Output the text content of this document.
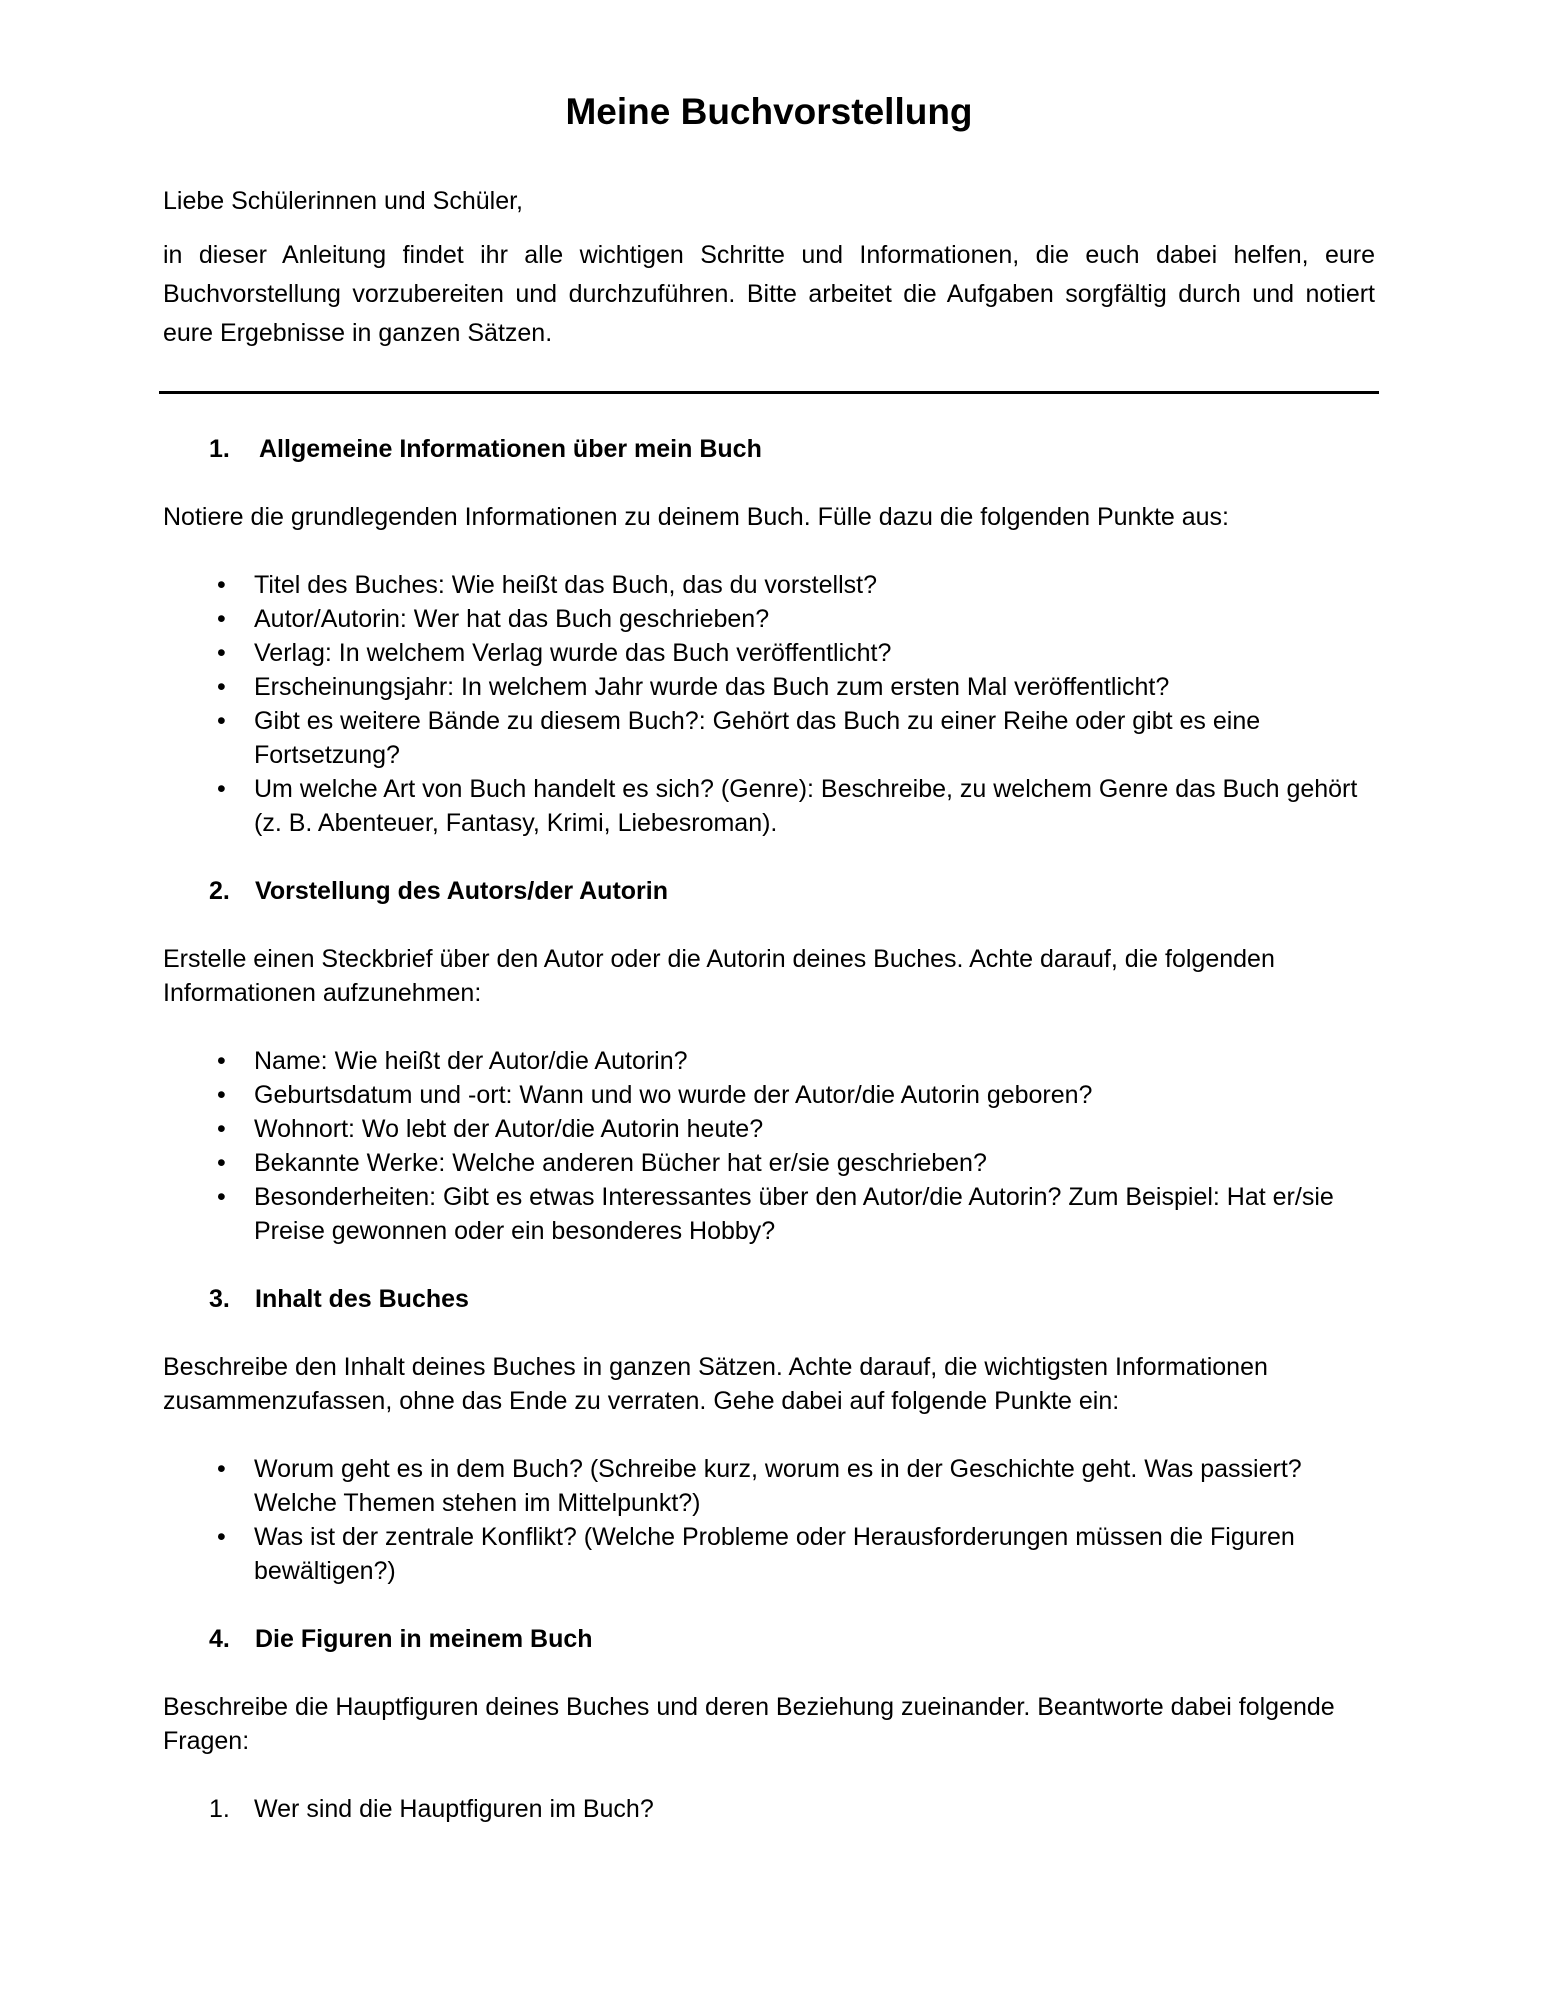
Meine Buchvorstellung

Liebe Schülerinnen und Schüler,

in dieser Anleitung findet ihr alle wichtigen Schritte und Informationen, die euch dabei helfen, eure Buchvorstellung vorzubereiten und durchzuführen. Bitte arbeitet die Aufgaben sorgfältig durch und notiert eure Ergebnisse in ganzen Sätzen.

1.	Allgemeine Informationen über mein Buch

Notiere die grundlegenden Informationen zu deinem Buch. Fülle dazu die folgenden Punkte aus:

• Titel des Buches: Wie heißt das Buch, das du vorstellst?
• Autor/Autorin: Wer hat das Buch geschrieben?
• Verlag: In welchem Verlag wurde das Buch veröffentlicht?
• Erscheinungsjahr: In welchem Jahr wurde das Buch zum ersten Mal veröffentlicht?
• Gibt es weitere Bände zu diesem Buch?: Gehört das Buch zu einer Reihe oder gibt es eine Fortsetzung?
• Um welche Art von Buch handelt es sich? (Genre): Beschreibe, zu welchem Genre das Buch gehört (z. B. Abenteuer, Fantasy, Krimi, Liebesroman).
2.	Vorstellung des Autors/der Autorin

Erstelle einen Steckbrief über den Autor oder die Autorin deines Buches. Achte darauf, die folgenden Informationen aufzunehmen:

• Name: Wie heißt der Autor/die Autorin?
• Geburtsdatum und -ort: Wann und wo wurde der Autor/die Autorin geboren?
• Wohnort: Wo lebt der Autor/die Autorin heute?
• Bekannte Werke: Welche anderen Bücher hat er/sie geschrieben?
• Besonderheiten: Gibt es etwas Interessantes über den Autor/die Autorin? Zum Beispiel: Hat er/sie Preise gewonnen oder ein besonderes Hobby?
3.	Inhalt des Buches

Beschreibe den Inhalt deines Buches in ganzen Sätzen. Achte darauf, die wichtigsten Informationen zusammenzufassen, ohne das Ende zu verraten. Gehe dabei auf folgende Punkte ein:

• Worum geht es in dem Buch? (Schreibe kurz, worum es in der Geschichte geht. Was passiert? Welche Themen stehen im Mittelpunkt?)
• Was ist der zentrale Konflikt? (Welche Probleme oder Herausforderungen müssen die Figuren bewältigen?)
4.	Die Figuren in meinem Buch

Beschreibe die Hauptfiguren deines Buches und deren Beziehung zueinander. Beantworte dabei folgende Fragen:

1. Wer sind die Hauptfiguren im Buch?
